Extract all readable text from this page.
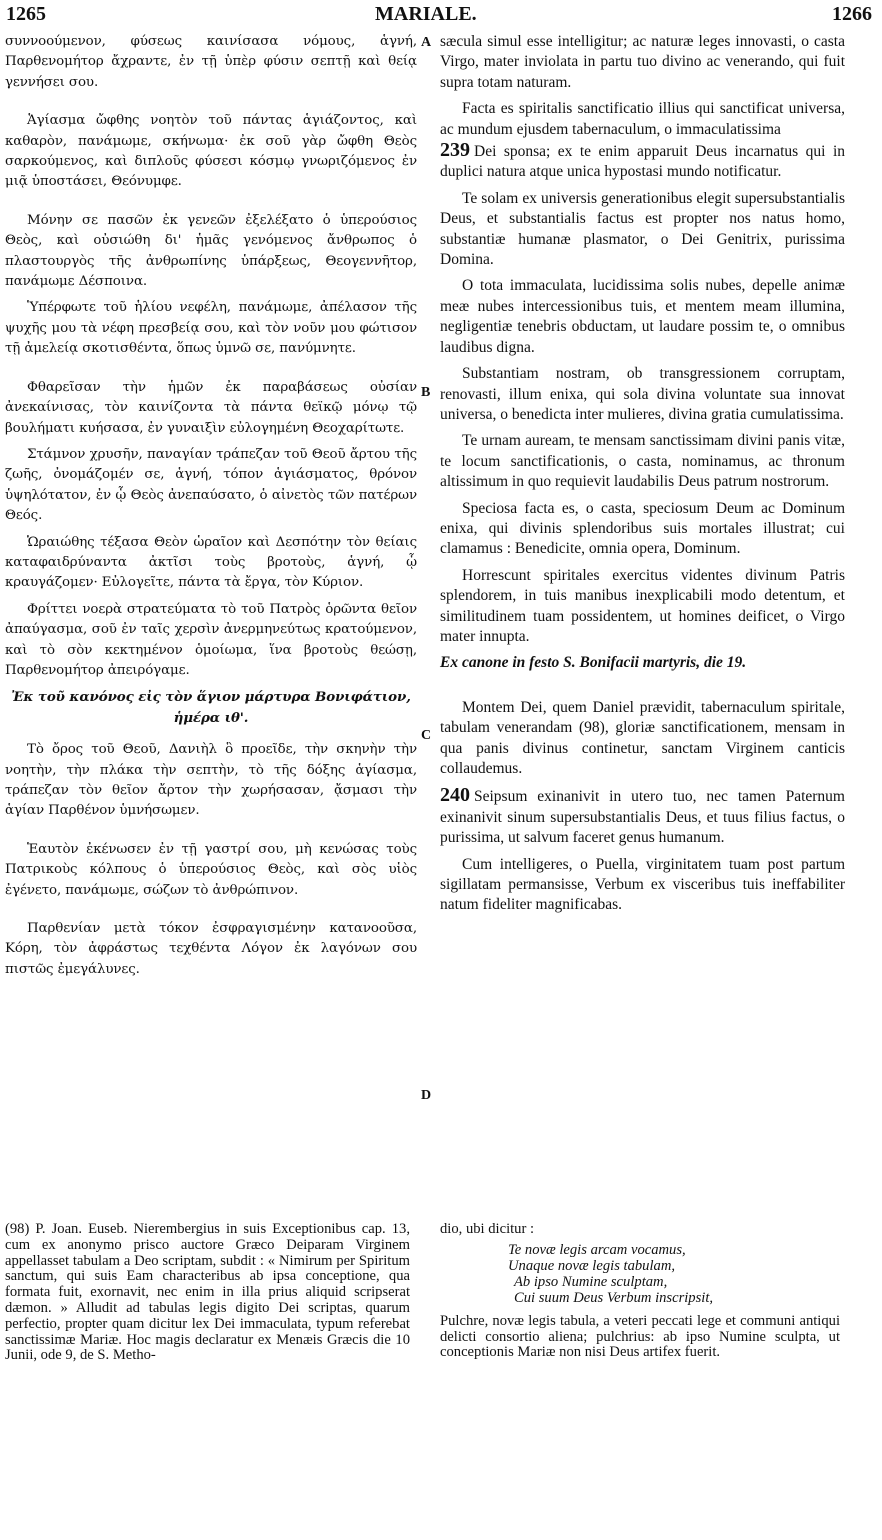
1265	MARIALE.	1266
A
B
C
D

συννοούμενον, φύσεως καινίσασα νόμους, ἁγνή, Παρθενομήτορ ἄχραντε, ἐν τῇ ὑπὲρ φύσιν σεπτῇ καὶ θείᾳ γεννήσει σου.

Ἁγίασμα ὤφθης νοητὸν τοῦ πάντας ἁγιάζοντος, καὶ καθαρὸν, πανάμωμε, σκήνωμα· ἐκ σοῦ γὰρ ὤφθη Θεὸς σαρκούμενος, καὶ διπλοῦς φύσεσι κόσμῳ γνωριζόμενος ἐν μιᾷ ὑποστάσει, Θεόνυμφε.

Μόνην σε πασῶν ἐκ γενεῶν ἐξελέξατο ὁ ὑπερούσιος Θεὸς, καὶ οὐσιώθη δι' ἡμᾶς γενόμενος ἄνθρωπος ὁ πλαστουργὸς τῆς ἀνθρωπίνης ὑπάρξεως, Θεογεννῆτορ, πανάμωμε Δέσποινα.

Ὑπέρφωτε τοῦ ἡλίου νεφέλη, πανάμωμε, ἀπέλασον τῆς ψυχῆς μου τὰ νέφη πρεσβείᾳ σου, καὶ τὸν νοῦν μου φώτισον τῇ ἀμελείᾳ σκοτισθέντα, ὅπως ὑμνῶ σε, πανύμνητε.

Φθαρεῖσαν τὴν ἡμῶν ἐκ παραβάσεως οὐσίαν ἀνεκαίνισας, τὸν καινίζοντα τὰ πάντα θεϊκῷ μόνῳ τῷ βουλήματι κυήσασα, ἐν γυναιξὶν εὐλογημένη Θεοχαρίτωτε.

Στάμνον χρυσῆν, παναγίαν τράπεζαν τοῦ Θεοῦ ἄρτου τῆς ζωῆς, ὀνομάζομέν σε, ἁγνή, τόπον ἁγιάσματος, θρόνον ὑψηλότατον, ἐν ᾧ Θεὸς ἀνεπαύσατο, ὁ αἰνετὸς τῶν πατέρων Θεός.

Ὡραιώθης τέξασα Θεὸν ὡραῖον καὶ Δεσπότην τὸν θείαις καταφαιδρύναντα ἀκτῖσι τοὺς βροτοὺς, ἁγνή, ᾧ κραυγάζομεν· Εὐλογεῖτε, πάντα τὰ ἔργα, τὸν Κύριον.

Φρίττει νοερὰ στρατεύματα τὸ τοῦ Πατρὸς ὁρῶντα θεῖον ἀπαύγασμα, σοῦ ἐν ταῖς χερσὶν ἀνερμηνεύτως κρατούμενον, καὶ τὸ σὸν κεκτημένον ὁμοίωμα, ἵνα βροτοὺς θεώσῃ, Παρθενομήτορ ἀπειρόγαμε.

Ἐκ τοῦ κανόνος εἰς τὸν ἅγιον μάρτυρα Βονιφάτιον, ἡμέρα ιθ'.

Τὸ ὄρος τοῦ Θεοῦ, Δανιὴλ ὃ προεῖδε, τὴν σκηνὴν τὴν νοητὴν, τὴν πλάκα τὴν σεπτὴν, τὸ τῆς δόξης ἁγίασμα, τράπεζαν τὸν θεῖον ἄρτον τὴν χωρήσασαν, ᾄσμασι τὴν ἁγίαν Παρθένον ὑμνήσωμεν.

Ἑαυτὸν ἐκένωσεν ἐν τῇ γαστρί σου, μὴ κενώσας τοὺς Πατρικοὺς κόλπους ὁ ὑπερούσιος Θεὸς, καὶ σὸς υἱὸς ἐγένετο, πανάμωμε, σώζων τὸ ἀνθρώπινον.

Παρθενίαν μετὰ τόκον ἐσφραγισμένην κατανοοῦσα, Κόρη, τὸν ἀφράστως τεχθέντα Λόγον ἐκ λαγόνων σου πιστῶς ἐμεγάλυνες.

sæcula simul esse intelligitur; ac naturæ leges innovasti, o casta Virgo, mater inviolata in partu tuo divino ac venerando, qui fuit supra totam naturam.

Facta es spiritalis sanctificatio illius qui sanctificat universa, ac mundum ejusdem tabernaculum, o immaculatissima

239 Dei sponsa; ex te enim apparuit Deus incarnatus qui in duplici natura atque unica hypostasi mundo notificatur.

Te solam ex universis generationibus elegit supersubstantialis Deus, et substantialis factus est propter nos natus homo, substantiæ humanæ plasmator, o Dei Genitrix, purissima Domina.

O tota immaculata, lucidissima solis nubes, depelle animæ meæ nubes intercessionibus tuis, et mentem meam illumina, negligentiæ tenebris obductam, ut laudare possim te, o omnibus laudibus digna.

Substantiam nostram, ob transgressionem corruptam, renovasti, illum enixa, qui sola divina voluntate sua innovat universa, o benedicta inter mulieres, divina gratia cumulatissima.

Te urnam auream, te mensam sanctissimam divini panis vitæ, te locum sanctificationis, o casta, nominamus, ac thronum altissimum in quo requievit laudabilis Deus patrum nostrorum.

Speciosa facta es, o casta, speciosum Deum ac Dominum enixa, qui divinis splendoribus suis mortales illustrat; cui clamamus : Benedicite, omnia opera, Dominum.

Horrescunt spiritales exercitus videntes divinum Patris splendorem, in tuis manibus inexplicabili modo detentum, et similitudinem tuam possidentem, ut homines deificet, o Virgo mater innupta.

Ex canone in festo S. Bonifacii martyris, die 19.

Montem Dei, quem Daniel prævidit, tabernaculum spiritale, tabulam venerandam (98), gloriæ sanctificationem, mensam in qua panis divinus continetur, sanctam Virginem canticis collaudemus.

240 Seipsum exinanivit in utero tuo, nec tamen Paternum exinanivit sinum supersubstantialis Deus, et tuus filius factus, o purissima, ut salvum faceret genus humanum.

Cum intelligeres, o Puella, virginitatem tuam post partum sigillatam permansisse, Verbum ex visceribus tuis ineffabiliter natum fideliter magnificabas.

(98) P. Joan. Euseb. Nierembergius in suis Exceptionibus cap. 13, cum ex anonymo prisco auctore Græco Deiparam Virginem appellasset tabulam a Deo scriptam, subdit : « Nimirum per Spiritum sanctum, qui suis Eam characteribus ab ipsa conceptione, qua formata fuit, exornavit, nec enim in illa prius aliquid scripserat dæmon. » Alludit ad tabulas legis digito Dei scriptas, quarum perfectio, propter quam dicitur lex Dei immaculata, typum referebat sanctissimæ Mariæ. Hoc magis declaratur ex Menæis Græcis die 10 Junii, ode 9, de S. Metho-
dio, ubi dicitur :
Te novæ legis arcam vocamus,
Unaque novæ legis tabulam,
Ab ipso Numine sculptam,
Cui suum Deus Verbum inscripsit,
Pulchre, novæ legis tabula, a veteri peccati lege et communi antiqui delicti consortio aliena; pulchrius: ab ipso Numine sculpta, ut conceptionis Mariæ non nisi Deus artifex fuerit.
